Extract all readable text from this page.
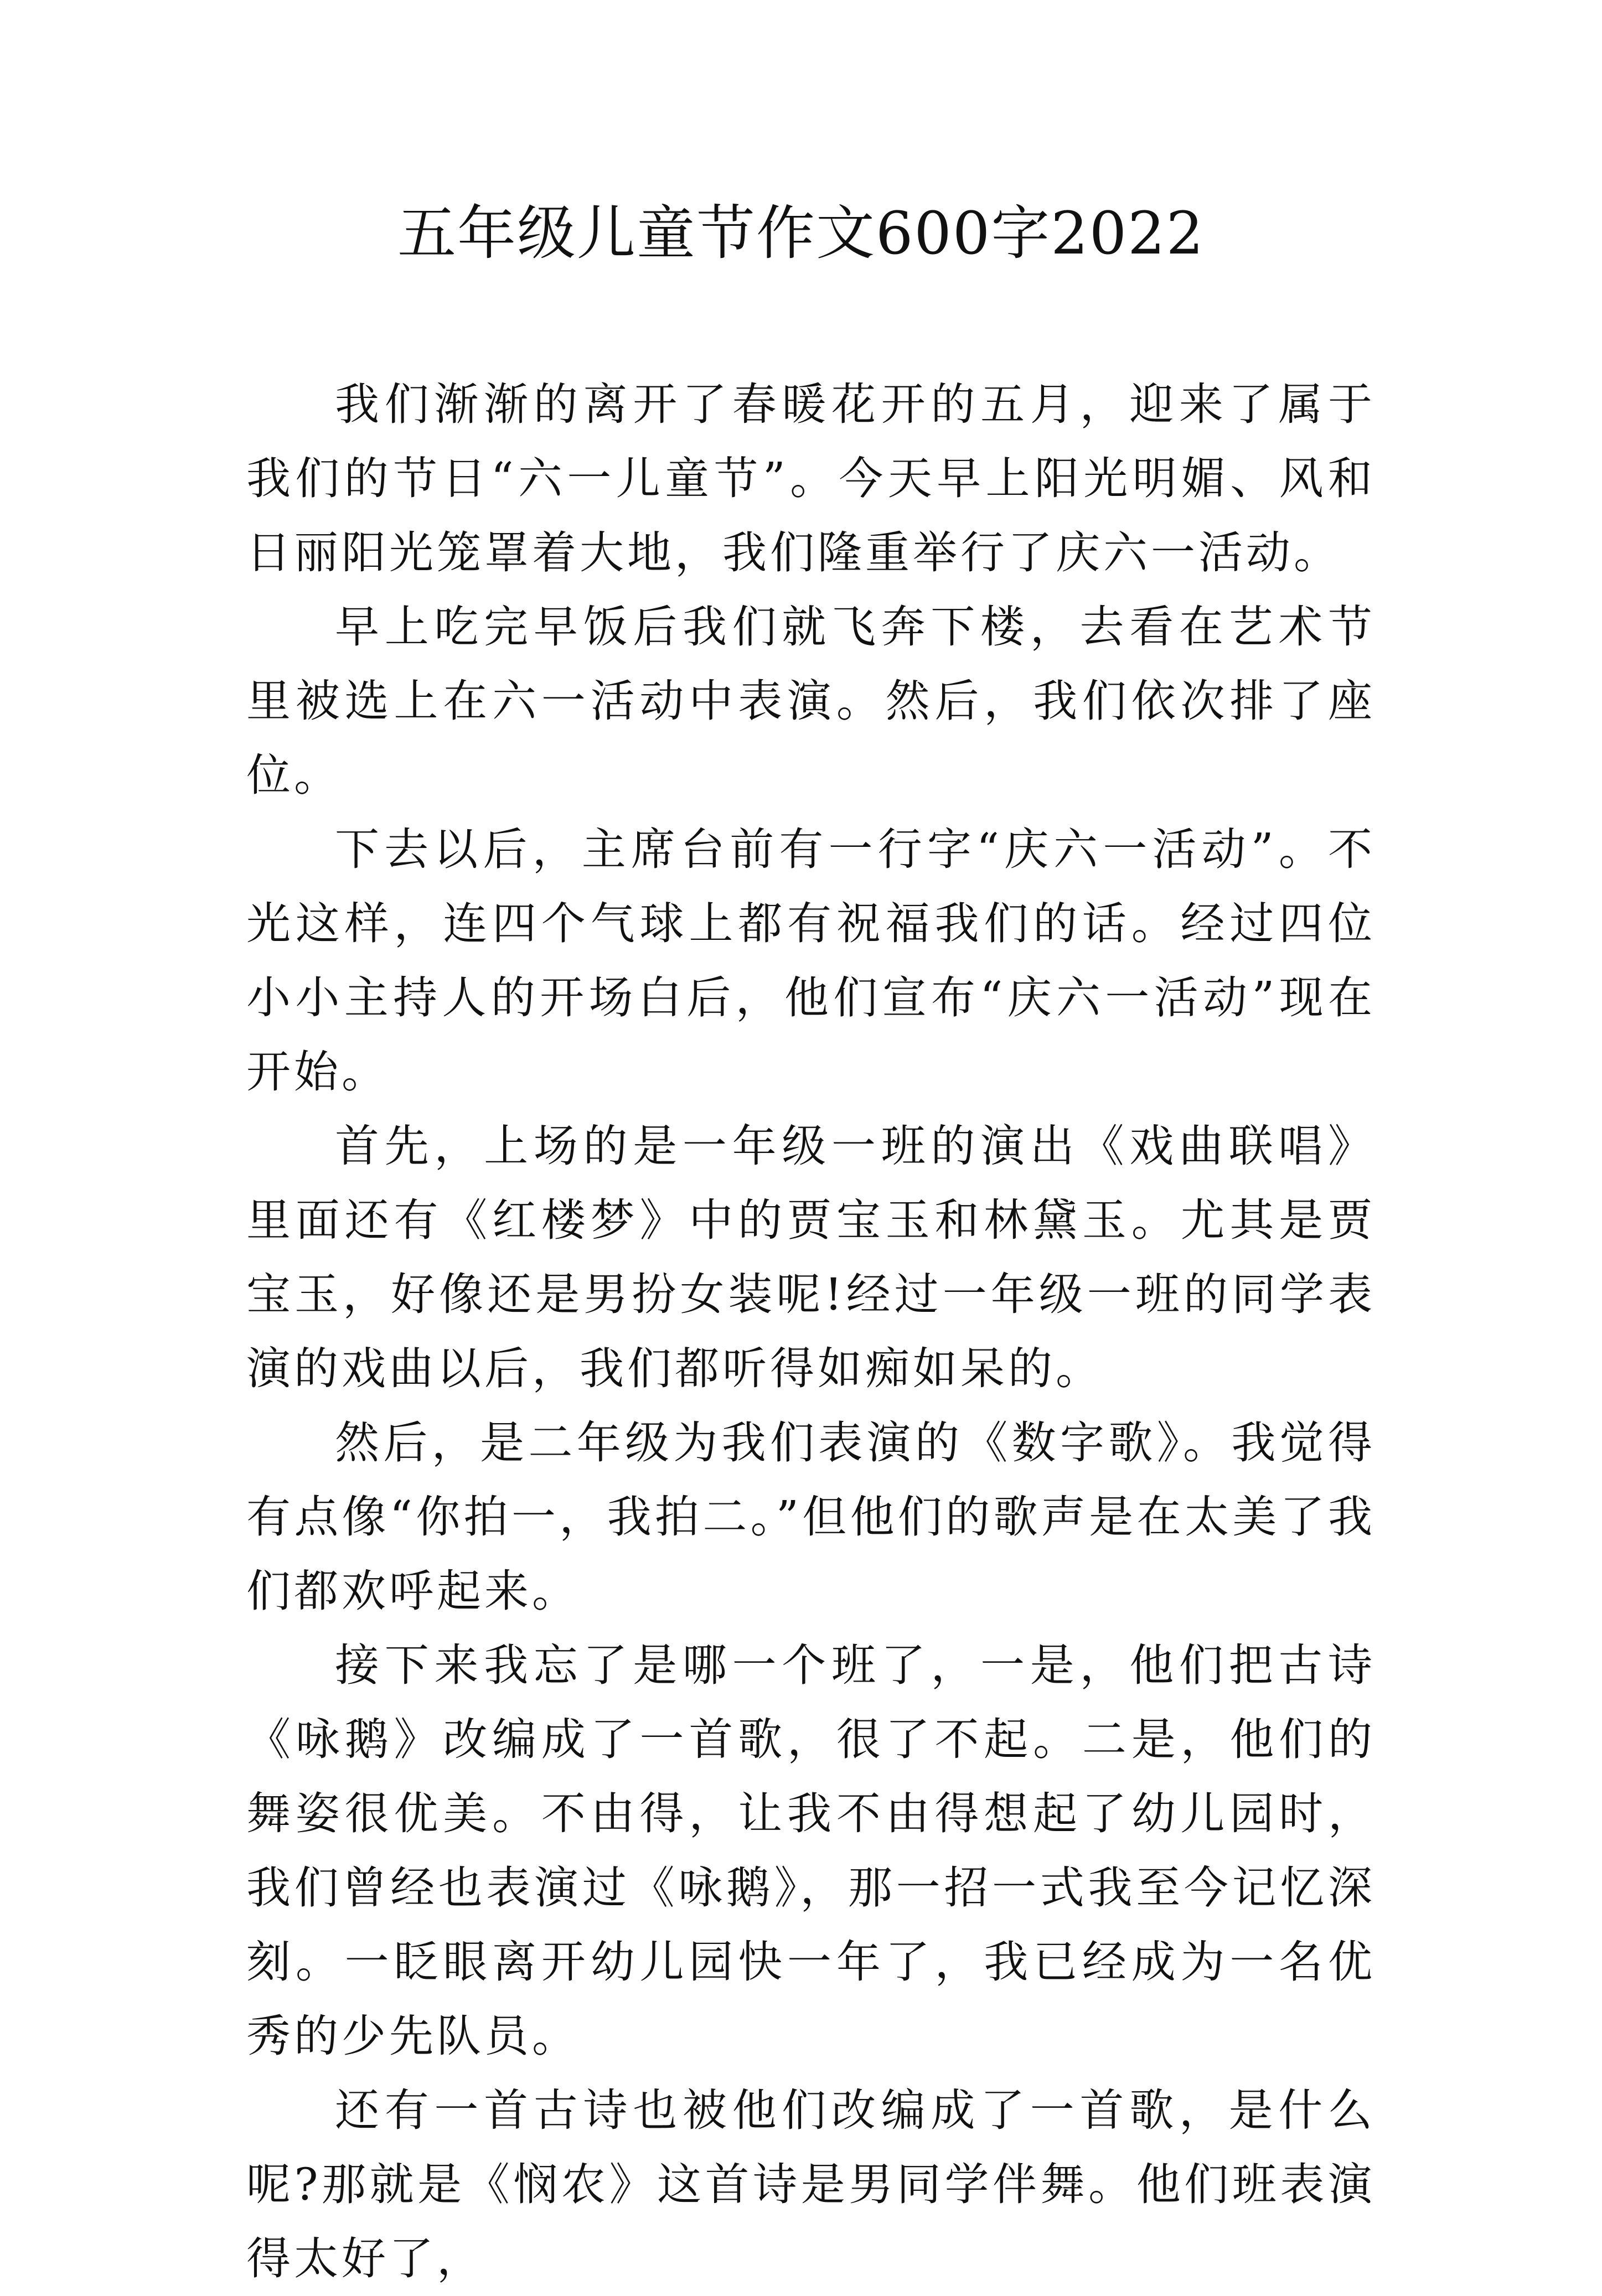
五年级儿童节作文600字2022

我们渐渐的离开了春暖花开的五月，迎来了属于我们的节日“六一儿童节”。今天早上阳光明媚、风和日丽阳光笼罩着大地，我们隆重举行了庆六一活动。

早上吃完早饭后我们就飞奔下楼，去看在艺术节里被选上在六一活动中表演。然后，我们依次排了座位。

下去以后，主席台前有一行字“庆六一活动”。不光这样，连四个气球上都有祝福我们的话。经过四位小小主持人的开场白后，他们宣布“庆六一活动”现在开始。

首先，上场的是一年级一班的演出《戏曲联唱》里面还有《红楼梦》中的贾宝玉和林黛玉。尤其是贾宝玉，好像还是男扮女装呢!经过一年级一班的同学表演的戏曲以后，我们都听得如痴如呆的。

然后，是二年级为我们表演的《数字歌》。我觉得有点像“你拍一，我拍二。”但他们的歌声是在太美了我们都欢呼起来。

接下来我忘了是哪一个班了，一是，他们把古诗《咏鹅》改编成了一首歌，很了不起。二是，他们的舞姿很优美。不由得，让我不由得想起了幼儿园时，我们曾经也表演过《咏鹅》，那一招一式我至今记忆深刻。一眨眼离开幼儿园快一年了，我已经成为一名优秀的少先队员。

还有一首古诗也被他们改编成了一首歌，是什么呢?那就是《悯农》这首诗是男同学伴舞。他们班表演得太好了，
